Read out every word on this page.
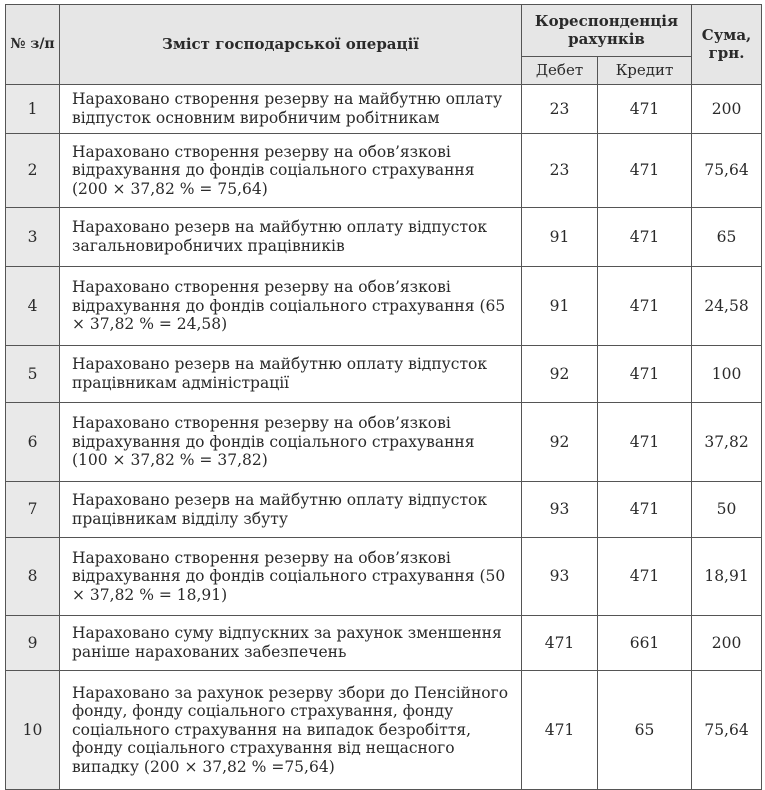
№ з/п	Зміст господарської операції	Кореспонденція рахунків		Сума, грн.
		Дебет	Кредит	
1	Нараховано створення резерву на майбутню оплату відпусток основним виробничим робітникам	23	471	200
2	Нараховано створення резерву на обов’язкові відрахування до фондів соціального страхування (200 × 37,82 % = 75,64)	23	471	75,64
3	Нараховано резерв на майбутню оплату відпусток загальновиробничих працівників	91	471	65
4	Нараховано створення резерву на обов’язкові відрахування до фондів соціального страхування (65 × 37,82 % = 24,58)	91	471	24,58
5	Нараховано резерв на майбутню оплату відпусток працівникам адміністрації	92	471	100
6	Нараховано створення резерву на обов’язкові відрахування до фондів соціального страхування (100 × 37,82 % = 37,82)	92	471	37,82
7	Нараховано резерв на майбутню оплату відпусток працівникам відділу збуту	93	471	50
8	Нараховано створення резерву на обов’язкові відрахування до фондів соціального страхування (50 × 37,82 % = 18,91)	93	471	18,91
9	Нараховано суму відпускних за рахунок зменшення раніше нарахованих забезпечень	471	661	200
10	Нараховано за рахунок резерву збори до Пенсійного фонду, фонду соціального страхування, фонду соціального страхування на випадок безробіття, фонду соціального страхування від нещасного випадку (200 × 37,82 % =75,64)	471	65	75,64
